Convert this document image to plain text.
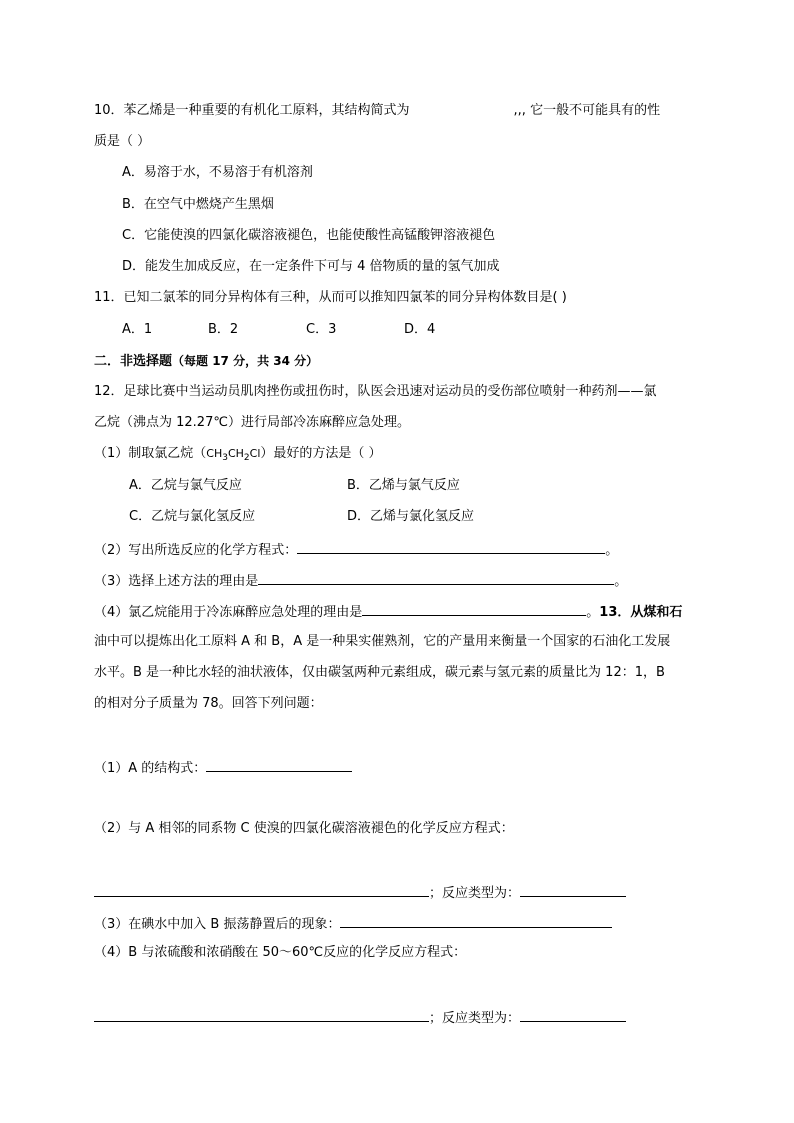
10．苯乙烯是一种重要的有机化工原料，其结构简式为	,,, 它一般不可能具有的性
质是（ ）
A．易溶于水，不易溶于有机溶剂
B．在空气中燃烧产生黑烟
C．它能使溴的四氯化碳溶液褪色，也能使酸性高锰酸钾溶液褪色
D．能发生加成反应，在一定条件下可与 4 倍物质的量的氢气加成
11．已知二氯苯的同分异构体有三种，从而可以推知四氯苯的同分异构体数目是( )
A．1	B．2	C．3	D．4
二．非选择题（每题 17 分，共 34 分）
12．足球比赛中当运动员肌肉挫伤或扭伤时，队医会迅速对运动员的受伤部位喷射一种药剂——氯
乙烷（沸点为 12.27℃）进行局部冷冻麻醉应急处理。
（1）制取氯乙烷$(CH_3CH_2Cl)$最好的方法是（ ）
A．乙烷与氯气反应	B．乙烯与氯气反应
C．乙烷与氯化氢反应	D．乙烯与氯化氢反应
（2）写出所选反应的化学方程式：	。
（3）选择上述方法的理由是	。
（4）氯乙烷能用于冷冻麻醉应急处理的理由是	。13．从煤和石
油中可以提炼出化工原料 A 和 B，A 是一种果实催熟剂，它的产量用来衡量一个国家的石油化工发展
水平。B 是一种比水轻的油状液体，仅由碳氢两种元素组成，碳元素与氢元素的质量比为 12：1，B
的相对分子质量为 78。回答下列问题：
（1）A 的结构式：
（2）与 A 相邻的同系物 C 使溴的四氯化碳溶液褪色的化学反应方程式：
；反应类型为：
（3）在碘水中加入 B 振荡静置后的现象：
（4）B 与浓硫酸和浓硝酸在 50～60℃反应的化学反应方程式：
；反应类型为：
